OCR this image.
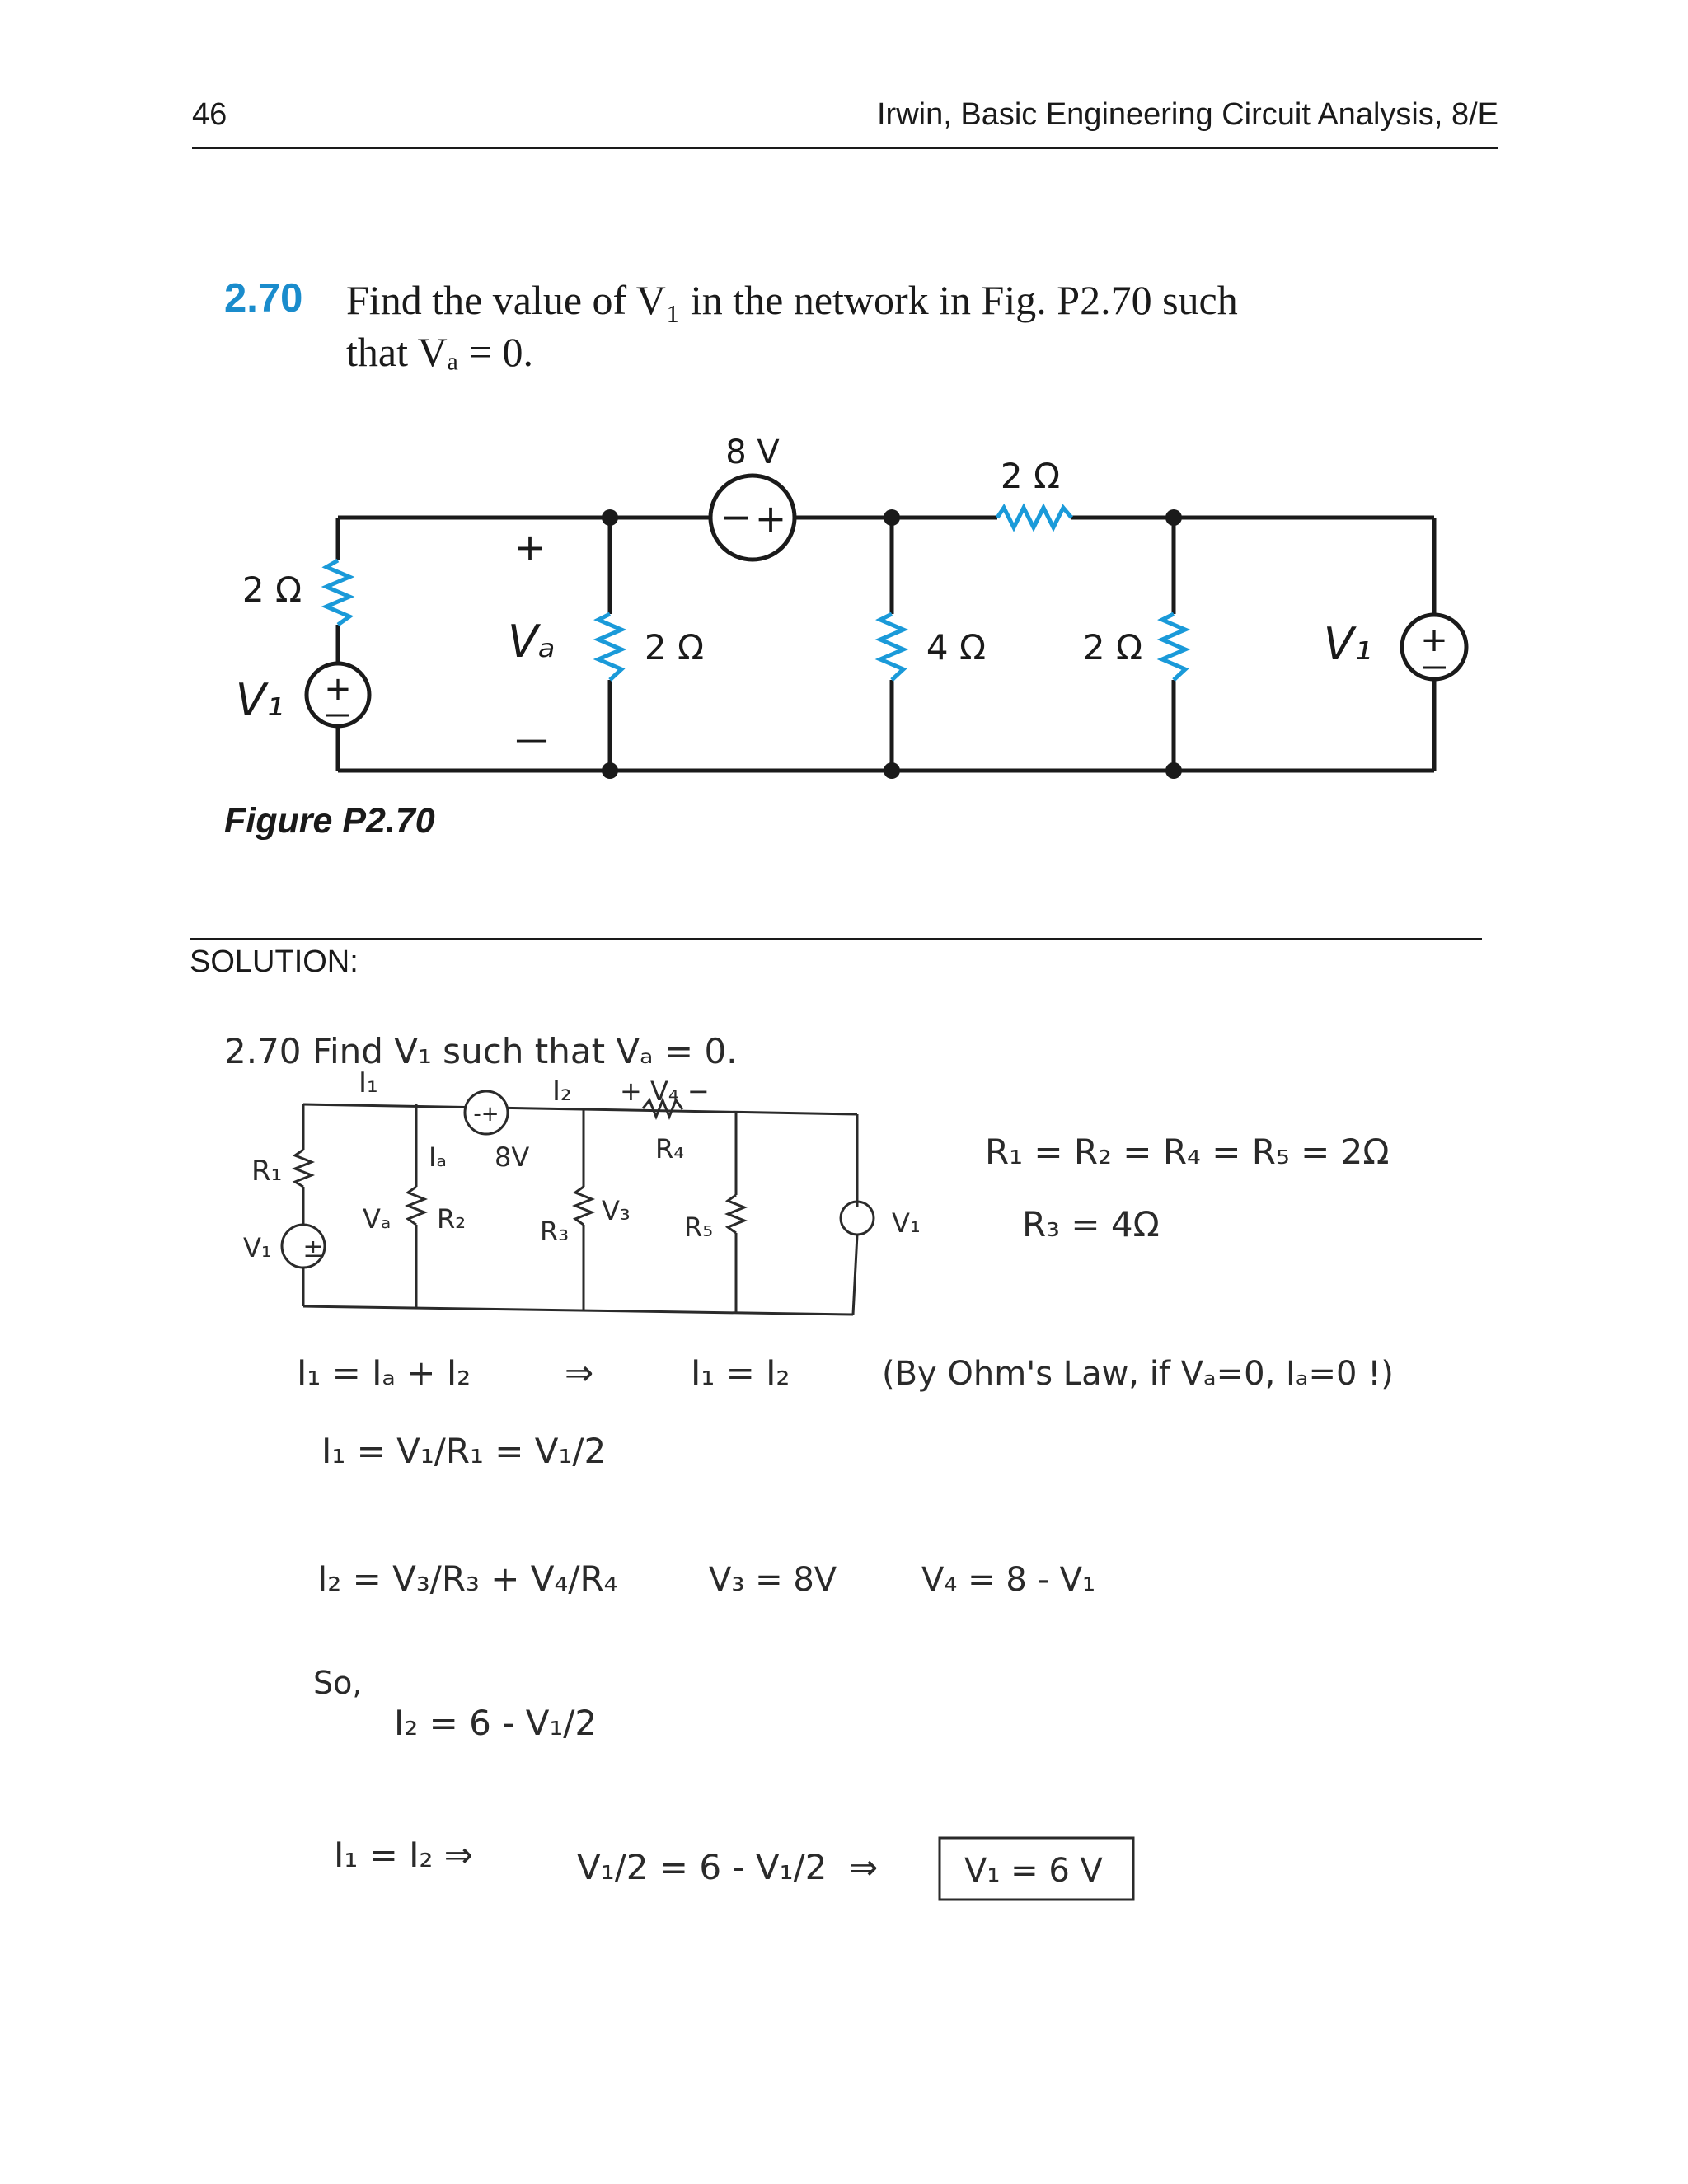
46	Irwin, Basic Engineering Circuit Analysis, 8/E
2.70 Find the value of V₁ in the network in Fig. P2.70 such
that Vₐ = 0.
− +
+
+
8 V
2 Ω
2 Ω
2 Ω	4 Ω	2 Ω
V₁
V₁
+
Vₐ
—
Figure P2.70
SOLUTION:
2.70 Find V₁ such that Vₐ = 0.
±
-+
I₁	I₂ + V₄ −
Iₐ 8V	R₄
R₁
Vₐ R₂	V₃
R₃	R₅
V₁
V₁
R₁ = R₂ = R₄ = R₅ = 2Ω
R₃ = 4Ω
I₁ = Iₐ + I₂	⇒	I₁ = I₂	(By Ohm's Law, if Vₐ=0, Iₐ=0 !)
I₁ = V₁/R₁ = V₁/2
I₂ = V₃/R₃ + V₄/R₄	V₃ = 8V	V₄ = 8 - V₁
So,
I₂ = 6 - V₁/2
I₁ = I₂ ⇒	V₁/2 = 6 - V₁/2 ⇒	V₁ = 6 V
